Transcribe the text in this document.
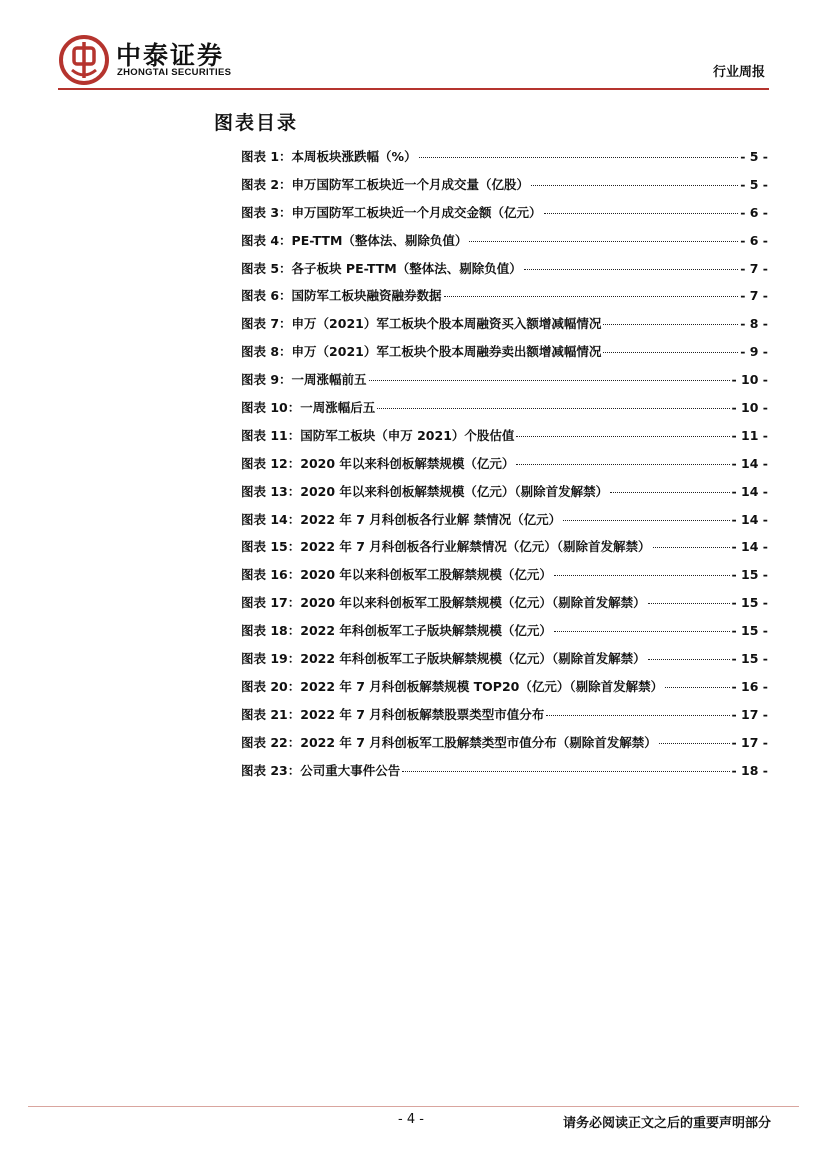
中泰证券
ZHONGTAI SECURITIES	行业周报
图表目录
图表 1：本周板块涨跌幅（%）	- 5 -
图表 2：申万国防军工板块近一个月成交量（亿股）	- 5 -
图表 3：申万国防军工板块近一个月成交金额（亿元）	- 6 -
图表 4：PE-TTM（整体法、剔除负值）	- 6 -
图表 5：各子板块 PE-TTM（整体法、剔除负值）	- 7 -
图表 6：国防军工板块融资融券数据	- 7 -
图表 7：申万（2021）军工板块个股本周融资买入额增减幅情况	- 8 -
图表 8：申万（2021）军工板块个股本周融券卖出额增减幅情况	- 9 -
图表 9：一周涨幅前五	- 10 -
图表 10：一周涨幅后五	- 10 -
图表 11：国防军工板块（申万 2021）个股估值	- 11 -
图表 12：2020 年以来科创板解禁规模（亿元）	- 14 -
图表 13：2020 年以来科创板解禁规模（亿元）（剔除首发解禁）	- 14 -
图表 14：2022 年 7 月科创板各行业解 禁情况（亿元）	- 14 -
图表 15：2022 年 7 月科创板各行业解禁情况（亿元）（剔除首发解禁）	- 14 -
图表 16：2020 年以来科创板军工股解禁规模（亿元）	- 15 -
图表 17：2020 年以来科创板军工股解禁规模（亿元）（剔除首发解禁）	- 15 -
图表 18：2022 年科创板军工子版块解禁规模（亿元）	- 15 -
图表 19：2022 年科创板军工子版块解禁规模（亿元）（剔除首发解禁）	- 15 -
图表 20：2022 年 7 月科创板解禁规模 TOP20（亿元）（剔除首发解禁）	- 16 -
图表 21：2022 年 7 月科创板解禁股票类型市值分布	- 17 -
图表 22：2022 年 7 月科创板军工股解禁类型市值分布（剔除首发解禁）	- 17 -
图表 23：公司重大事件公告	- 18 -
- 4 -	请务必阅读正文之后的重要声明部分
